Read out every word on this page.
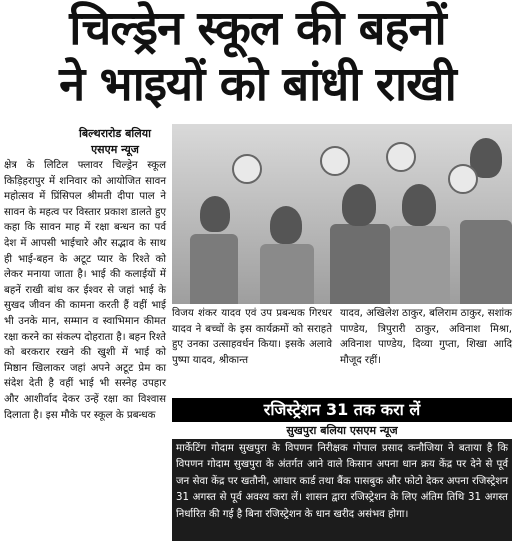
चिल्ड्रेन स्कूल की बहनों
ने भाइयों को बांधी राखी
बिल्थरारोड बलिया
एसएम न्यूज

क्षेत्र के लिटिल फ्लावर चिल्ड्रेन स्कूल किड़िहरापुर में शनिवार को आयोजित सावन महोत्सव में प्रिंसिपल श्रीमती दीपा पाल ने सावन के महत्व पर विस्तार प्रकाश डालते हुए कहा कि सावन माह में रक्षा बन्धन का पर्व देश में आपसी भाईचारे और सद्भाव के साथ ही भाई-बहन के अटूट प्यार के रिश्ते को लेकर मनाया जाता है। भाई की कलाईयों में बहनें राखी बांध कर ईश्वर से जहां भाई के सुखद जीवन की कामना करती हैं वहीं भाई भी उनके मान, सम्मान व स्वाभिमान कीमत रक्षा करने का संकल्प दोहराता है। बहन रिश्ते को बरकरार रखने की खुशी में भाई को मिष्ठान खिलाकर जहां अपने अटूट प्रेम का संदेश देती है वहीं भाई भी सस्नेह उपहार और आशीर्वाद देकर उन्हें रक्षा का विश्वास दिलाता है। इस मौके पर स्कूल के प्रबन्धक

विजय शंकर यादव एवं उप प्रबन्धक गिरधर यादव ने बच्चों के इस कार्यक्रमों को सराहते हुए उनका उत्साहवर्धन किया। इसके अलावे पुष्पा यादव, श्रीकान्त
यादव, अखिलेश ठाकुर, बलिराम ठाकुर, सशांक पाण्डेय, त्रिपुरारी ठाकुर, अविनाश मिश्रा, अविनाश पाण्डेय, दिव्या गुप्ता, शिखा आदि मौजूद रहीं।
रजिस्ट्रेशन 31 तक करा लें
सुखपुरा बलिया एसएम न्यूज
मार्केटिंग गोदाम सुखपुरा के विपणन निरीक्षक गोपाल प्रसाद कनौजिया ने बताया है कि विपणन गोदाम सुखपुरा के अंतर्गत आने वाले किसान अपना धान क्रय केंद्र पर देने से पूर्व जन सेवा केंद्र पर खतौनी, आधार कार्ड तथा बैंक पासबुक और फोटो देकर अपना रजिस्ट्रेशन 31 अगस्त से पूर्व अवश्य करा लें। शासन द्वारा रजिस्ट्रेशन के लिए अंतिम तिथि 31 अगस्त निर्धारित की गई है बिना रजिस्ट्रेशन के धान खरीद असंभव होगा।
